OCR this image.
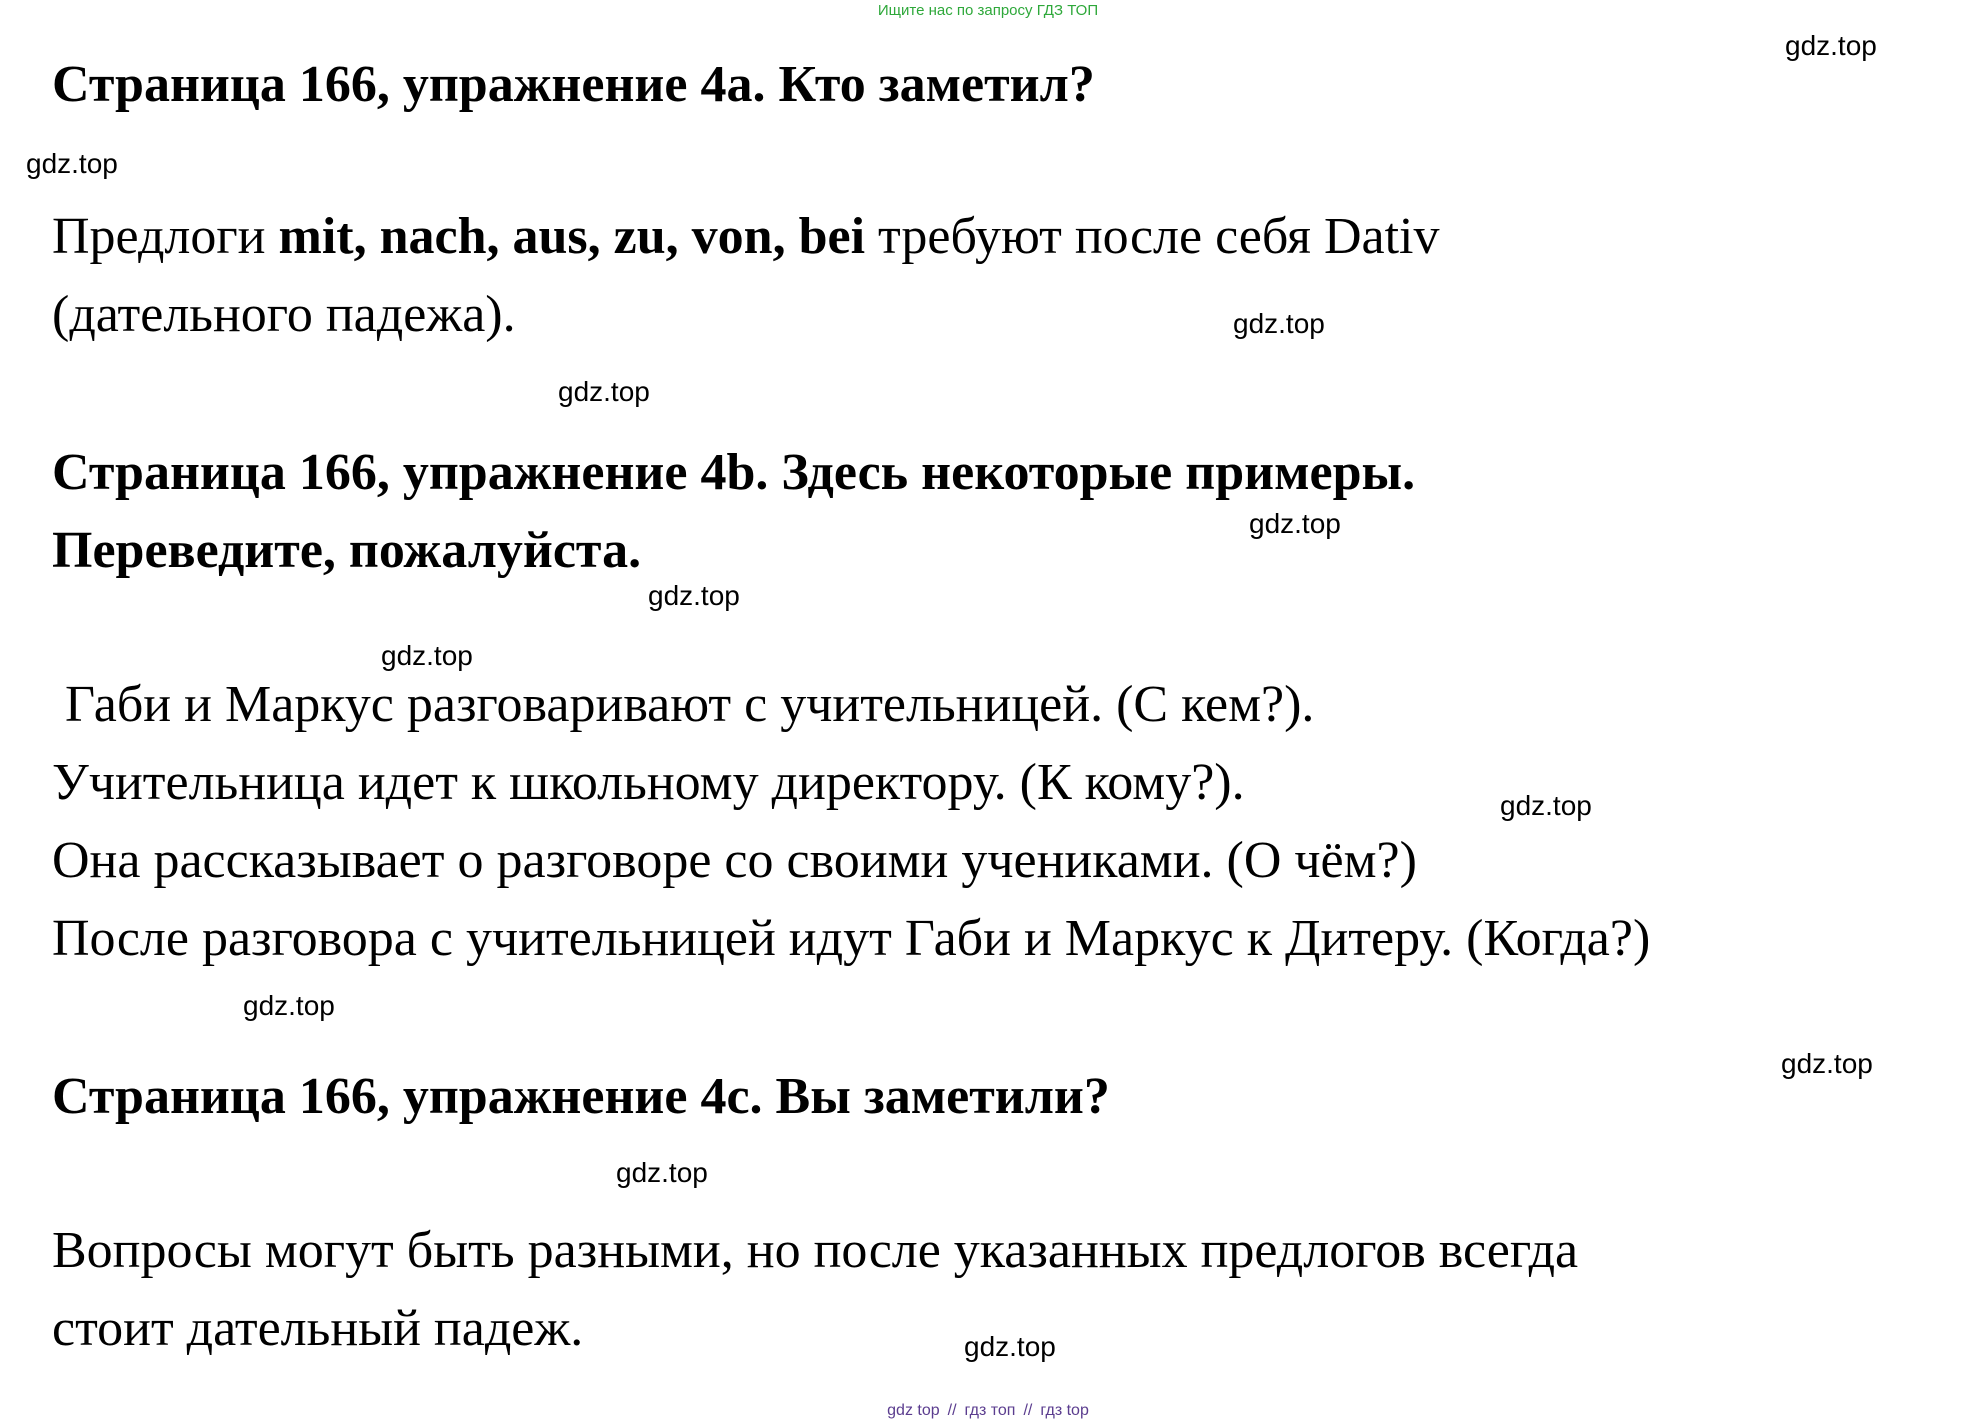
Ищите нас по запросу ГДЗ ТОП
Страница 166, упражнение 4a. Кто заметил?
Предлоги mit, nach, aus, zu, von, bei требуют после себя Dativ
(дательного падежа).
Страница 166, упражнение 4b. Здесь некоторые примеры.
Переведите, пожалуйста.
Габи и Маркус разговаривают с учительницей. (С кем?).
Учительница идет к школьному директору. (К кому?).
Она рассказывает о разговоре со своими учениками. (О чём?)
После разговора с учительницей идут Габи и Маркус к Дитеру. (Когда?)
Страница 166, упражнение 4c. Вы заметили?
Вопросы могут быть разными, но после указанных предлогов всегда
стоит дательный падеж.
gdz.top
gdz.top
gdz.top
gdz.top
gdz.top
gdz.top
gdz.top
gdz.top
gdz.top
gdz.top
gdz.top
gdz.top
gdz top // гдз топ // гдз top
